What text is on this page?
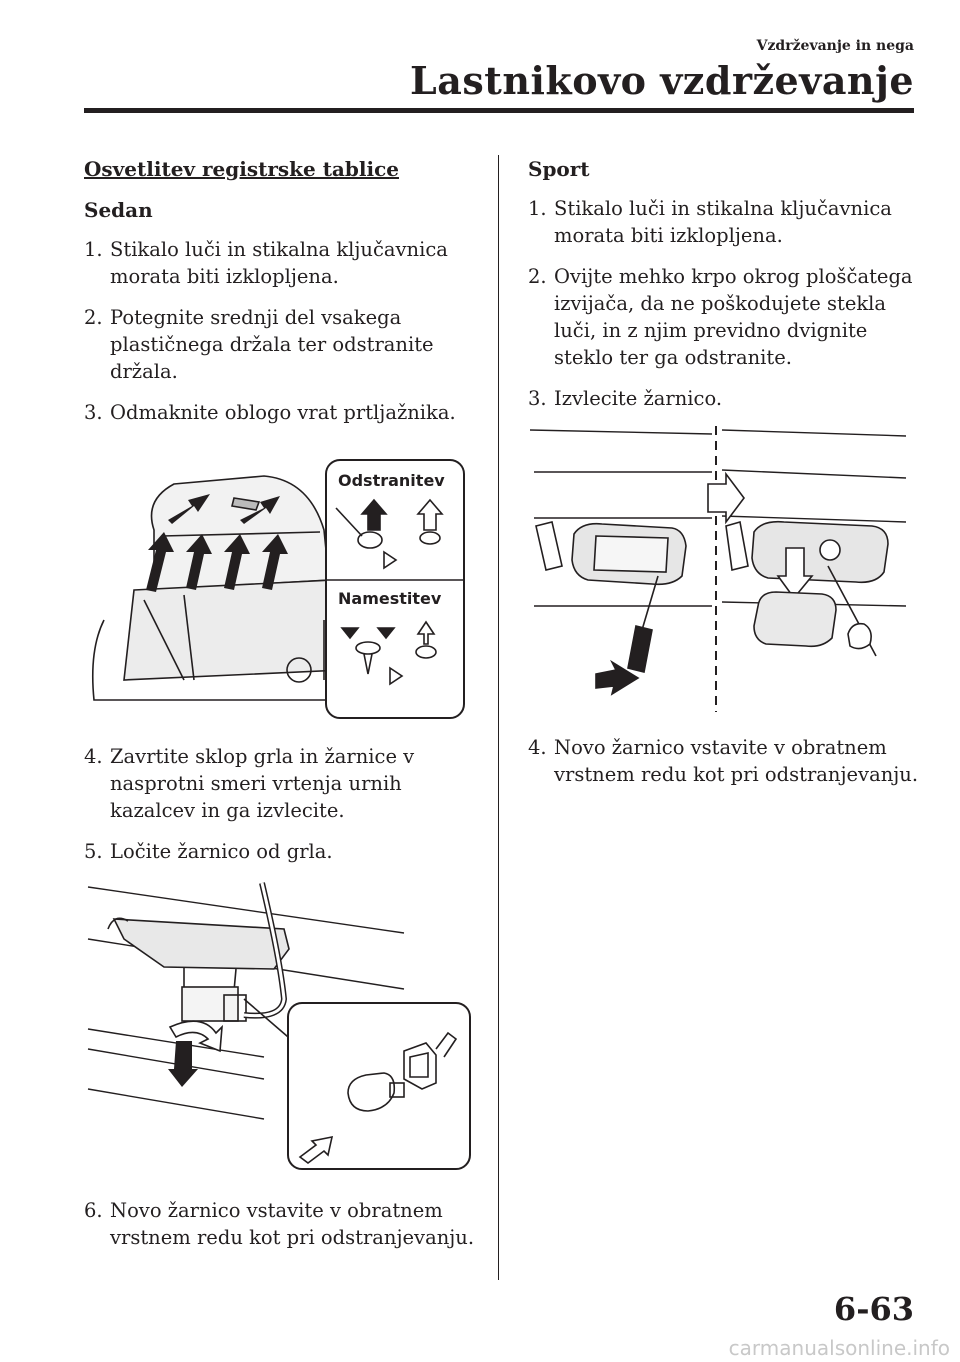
Vzdrževanje in nega
Lastnikovo vzdrževanje
Osvetlitev registrske tablice
Sedan
1. Stikalo luči in stikalna ključavnica morata biti izklopljena.
2. Potegnite srednji del vsakega plastičnega držala ter odstranite držala.
3. Odmaknite oblogo vrat prtljažnika.
Odstranitev
Namestitev
4. Zavrtite sklop grla in žarnice v nasprotni smeri vrtenja urnih kazalcev in ga izvlecite.
5. Ločite žarnico od grla.
6. Novo žarnico vstavite v obratnem vrstnem redu kot pri odstranjevanju.
Sport
1. Stikalo luči in stikalna ključavnica morata biti izklopljena.
2. Ovijte mehko krpo okrog ploščatega izvijača, da ne poškodujete stekla luči, in z njim previdno dvignite steklo ter ga odstranite.
3. Izvlecite žarnico.
4. Novo žarnico vstavite v obratnem vrstnem redu kot pri odstranjevanju.
6-63
carmanualsonline.info
